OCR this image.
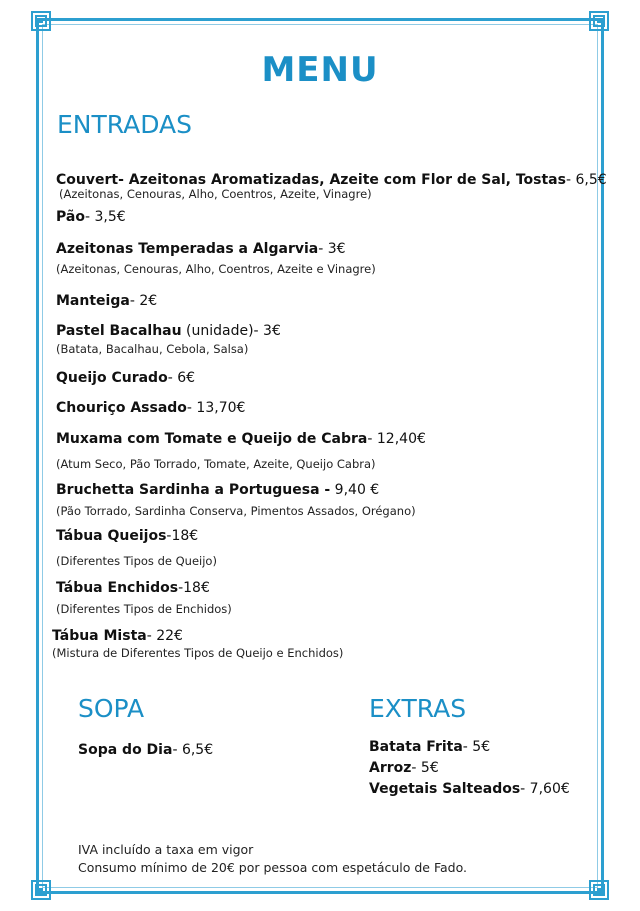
MENU
ENTRADAS
Couvert- Azeitonas Aromatizadas, Azeite com Flor de Sal, Tostas- 6,5€
(Azeitonas, Cenouras, Alho, Coentros, Azeite, Vinagre)
Pão- 3,5€
Azeitonas Temperadas a Algarvia- 3€
(Azeitonas, Cenouras, Alho, Coentros, Azeite e Vinagre)
Manteiga- 2€
Pastel Bacalhau (unidade)- 3€
(Batata, Bacalhau, Cebola, Salsa)
Queijo Curado- 6€
Chouriço Assado- 13,70€
Muxama com Tomate e Queijo de Cabra- 12,40€
(Atum Seco, Pão Torrado, Tomate, Azeite, Queijo Cabra)
Bruchetta Sardinha a Portuguesa - 9,40 €
(Pão Torrado, Sardinha Conserva, Pimentos Assados, Orégano)
Tábua Queijos-18€
(Diferentes Tipos de Queijo)
Tábua Enchidos-18€
(Diferentes Tipos de Enchidos)
Tábua Mista- 22€
(Mistura de Diferentes Tipos de Queijo e Enchidos)
SOPA
Sopa do Dia- 6,5€
EXTRAS
Batata Frita- 5€
Arroz- 5€
Vegetais Salteados- 7,60€
IVA incluído a taxa em vigor
Consumo mínimo de 20€ por pessoa com espetáculo de Fado.
